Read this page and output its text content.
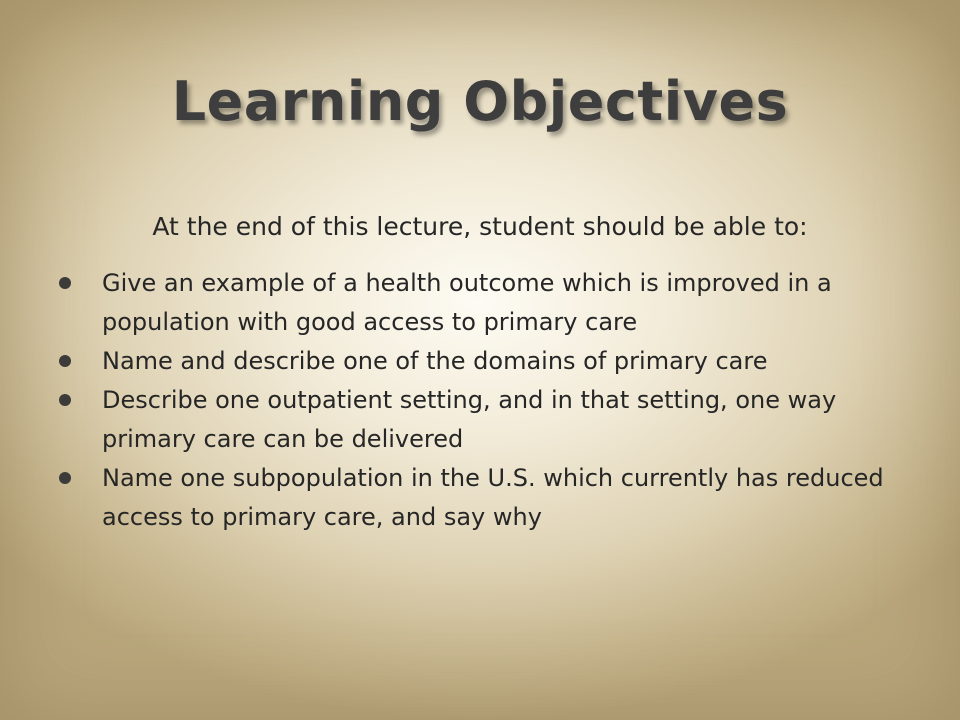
Learning Objectives

At the end of this lecture, student should be able to:

Give an example of a health outcome which is improved in a population with good access to primary care
Name and describe one of the domains of primary care
Describe one outpatient setting, and in that setting, one way primary care can be delivered
Name one subpopulation in the U.S. which currently has reduced access to primary care, and say why
